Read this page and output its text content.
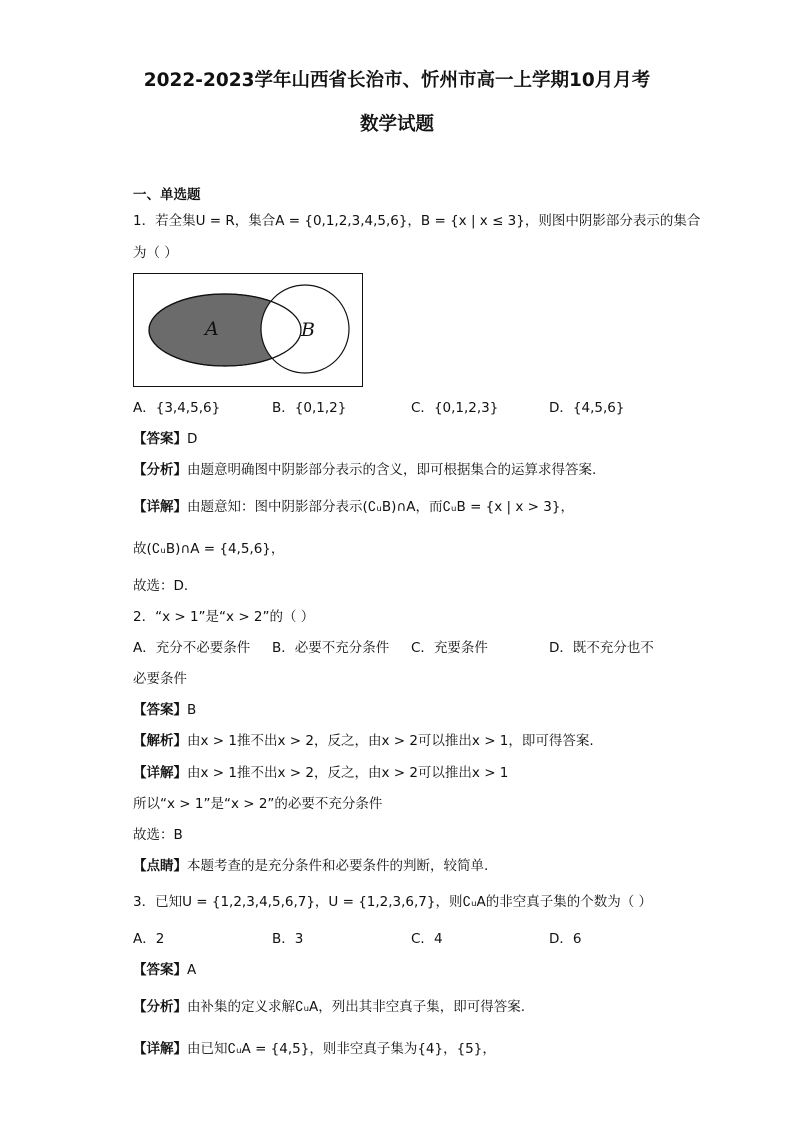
2022-2023学年山西省长治市、忻州市高一上学期10月月考
数学试题
一、单选题
1．若全集U = R，集合A = {0,1,2,3,4,5,6}，B = {x | x ≤ 3}，则图中阴影部分表示的集合
为（ ）
A	B
A．{3,4,5,6}	B．{0,1,2}	C．{0,1,2,3}	D．{4,5,6}
【答案】D
【分析】由题意明确图中阴影部分表示的含义，即可根据集合的运算求得答案.
【详解】由题意知：图中阴影部分表示(∁ᵤB)∩A，而∁ᵤB = {x | x > 3}，
故(∁ᵤB)∩A = {4,5,6}，
故选：D．
2．“x > 1”是“x > 2”的（ ）
A．充分不必要条件 B．必要不充分条件 C．充要条件	D．既不充分也不
必要条件
【答案】B
【解析】由x > 1推不出x > 2，反之，由x > 2可以推出x > 1，即可得答案.
【详解】由x > 1推不出x > 2，反之，由x > 2可以推出x > 1
所以“x > 1”是“x > 2”的必要不充分条件
故选：B
【点睛】本题考查的是充分条件和必要条件的判断，较简单.
3．已知U = {1,2,3,4,5,6,7}，U = {1,2,3,6,7}，则∁ᵤA的非空真子集的个数为（ ）
A．2	B．3	C．4	D．6
【答案】A
【分析】由补集的定义求解∁ᵤA，列出其非空真子集，即可得答案.
【详解】由已知∁ᵤA = {4,5}，则非空真子集为{4}，{5}，
